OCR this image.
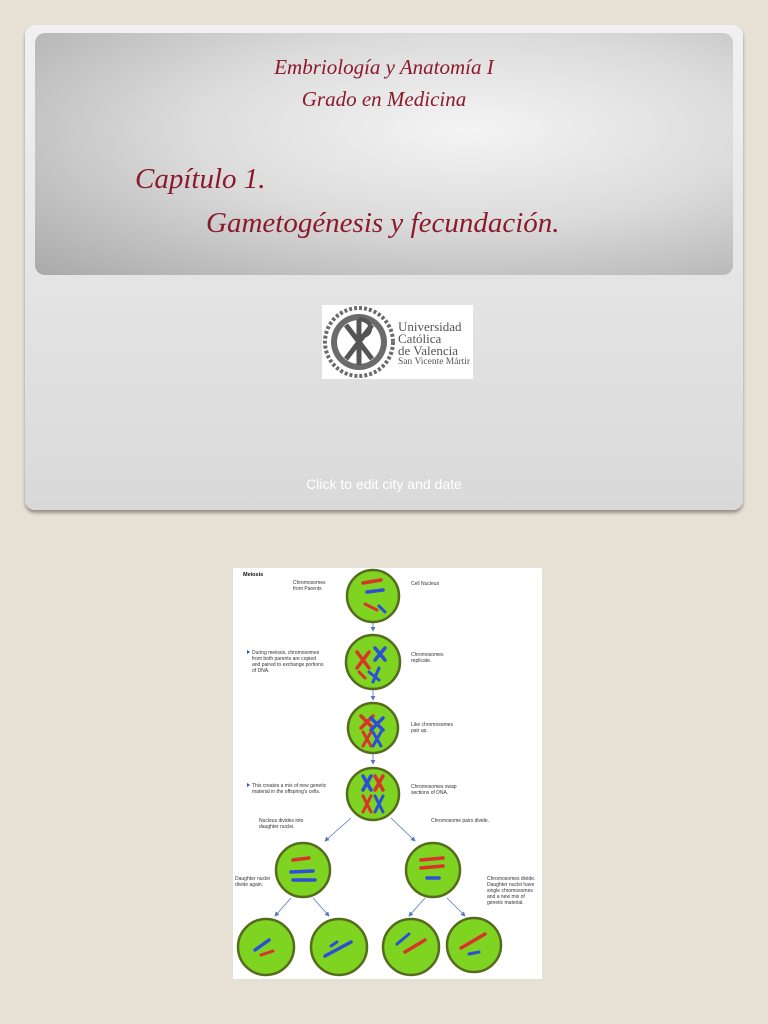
Embriología y Anatomía I
Grado en Medicina
Capítulo 1.
Gametogénesis y fecundación.
Universidad
Católica
de Valencia
San Vicente Mártir
Click to edit city and date
Meiosis
Chromosomes
from Parents
Cell Nucleus
During meiosis, chromosomes
from both parents are copied
and paired to exchange portions
of DNA.
Chromosomes
replicate.
Like chromosomes
pair up.
This creates a mix of new genetic
material in the offspring's cells.
Chromosomes swap
sections of DNA.
Nucleus divides into
daughter nuclei.
Chromosome pairs divide.
Daughter nuclei
divide again.
Chromosomes divide.
Daughter nuclei have
single chromosomes
and a new mix of
genetic material.
